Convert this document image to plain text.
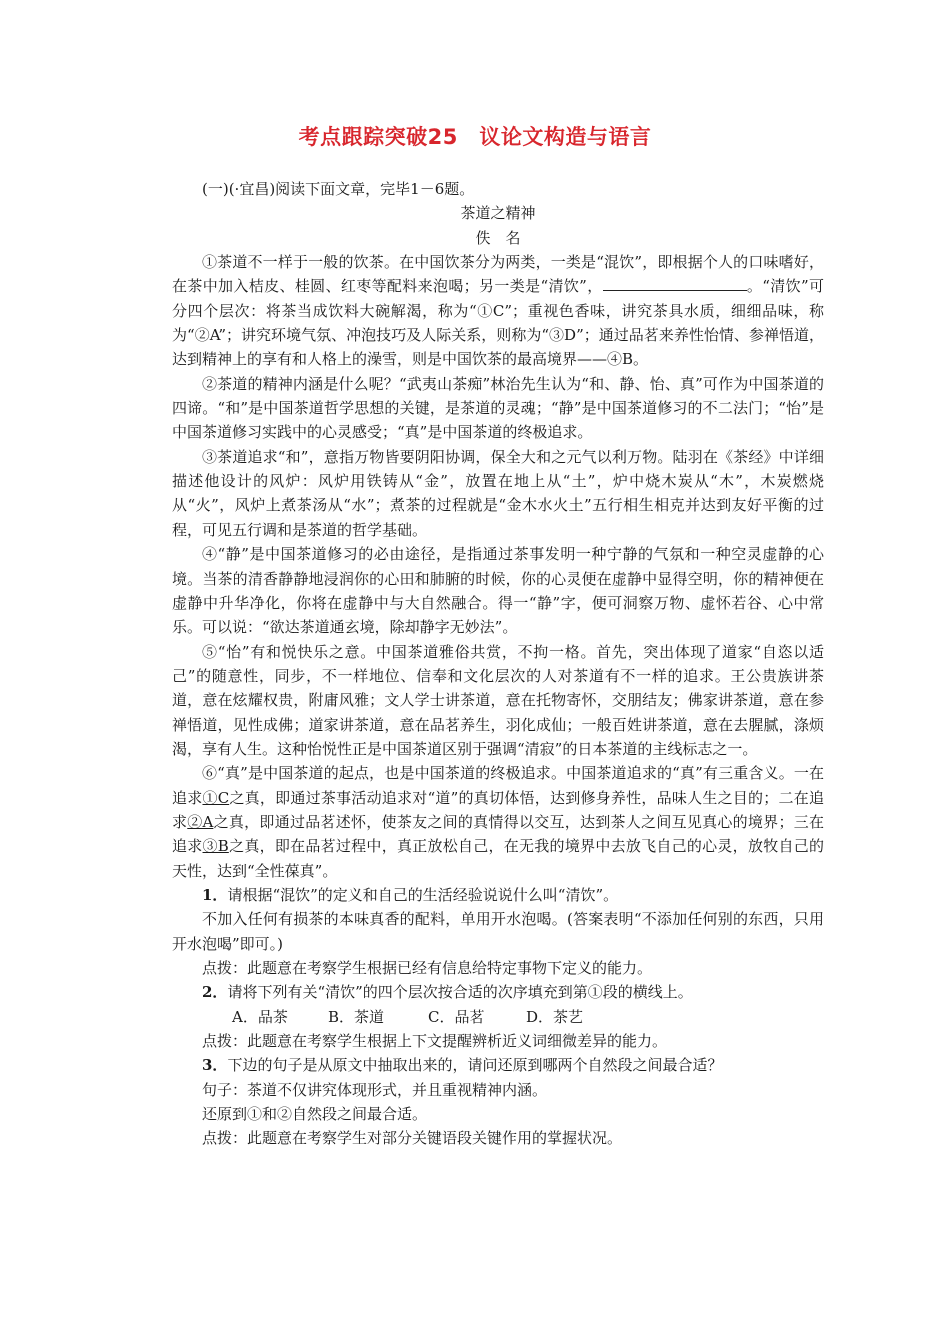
考点跟踪突破25　议论文构造与语言

(一)(·宜昌)阅读下面文章，完毕1－6题。

茶道之精神

佚　名

①茶道不一样于一般的饮茶。在中国饮茶分为两类，一类是“混饮”，即根据个人的口味嗜好，在茶中加入桔皮、桂圆、红枣等配料来泡喝；另一类是“清饮”，	。“清饮”可分四个层次：将茶当成饮料大碗解渴，称为“①C”；重视色香味，讲究茶具水质，细细品味，称为“②A”；讲究环境气氛、冲泡技巧及人际关系，则称为“③D”；通过品茗来养性怡情、参禅悟道，达到精神上的享有和人格上的澡雪，则是中国饮茶的最高境界——④B。

②茶道的精神内涵是什么呢？“武夷山茶痴”林治先生认为“和、静、怡、真”可作为中国茶道的四谛。“和”是中国茶道哲学思想的关键，是茶道的灵魂；“静”是中国茶道修习的不二法门；“怡”是中国茶道修习实践中的心灵感受；“真”是中国茶道的终极追求。

③茶道追求“和”，意指万物皆要阴阳协调，保全大和之元气以利万物。陆羽在《茶经》中详细描述他设计的风炉：风炉用铁铸从“金”，放置在地上从“土”，炉中烧木炭从“木”，木炭燃烧从“火”，风炉上煮茶汤从“水”；煮茶的过程就是“金木水火土”五行相生相克并达到友好平衡的过程，可见五行调和是茶道的哲学基础。

④“静”是中国茶道修习的必由途径，是指通过茶事发明一种宁静的气氛和一种空灵虚静的心境。当茶的清香静静地浸润你的心田和肺腑的时候，你的心灵便在虚静中显得空明，你的精神便在虚静中升华净化，你将在虚静中与大自然融合。得一“静”字，便可洞察万物、虚怀若谷、心中常乐。可以说：“欲达茶道通玄境，除却静字无妙法”。

⑤“怡”有和悦快乐之意。中国茶道雅俗共赏，不拘一格。首先，突出体现了道家“自恣以适己”的随意性，同步，不一样地位、信奉和文化层次的人对茶道有不一样的追求。王公贵族讲茶道，意在炫耀权贵，附庸风雅；文人学士讲茶道，意在托物寄怀，交朋结友；佛家讲茶道，意在参禅悟道，见性成佛；道家讲茶道，意在品茗养生，羽化成仙；一般百姓讲茶道，意在去腥腻，涤烦渴，享有人生。这种怡悦性正是中国茶道区别于强调“清寂”的日本茶道的主线标志之一。

⑥“真”是中国茶道的起点，也是中国茶道的终极追求。中国茶道追求的“真”有三重含义。一在追求①C之真，即通过茶事活动追求对“道”的真切体悟，达到修身养性，品味人生之目的；二在追求②A之真，即通过品茗述怀，使茶友之间的真情得以交互，达到茶人之间互见真心的境界；三在追求③B之真，即在品茗过程中，真正放松自己，在无我的境界中去放飞自己的心灵，放牧自己的天性，达到“全性葆真”。

1．请根据“混饮”的定义和自己的生活经验说说什么叫“清饮”。

不加入任何有损茶的本味真香的配料，单用开水泡喝。(答案表明“不添加任何别的东西，只用开水泡喝”即可。)

点拨：此题意在考察学生根据已经有信息给特定事物下定义的能力。

2．请将下列有关“清饮”的四个层次按合适的次序填充到第①段的横线上。

A．品茶	B．茶道	C．品茗	D．茶艺

点拨：此题意在考察学生根据上下文提醒辨析近义词细微差异的能力。

3．下边的句子是从原文中抽取出来的，请问还原到哪两个自然段之间最合适？

句子：茶道不仅讲究体现形式，并且重视精神内涵。

还原到①和②自然段之间最合适。

点拨：此题意在考察学生对部分关键语段关键作用的掌握状况。
